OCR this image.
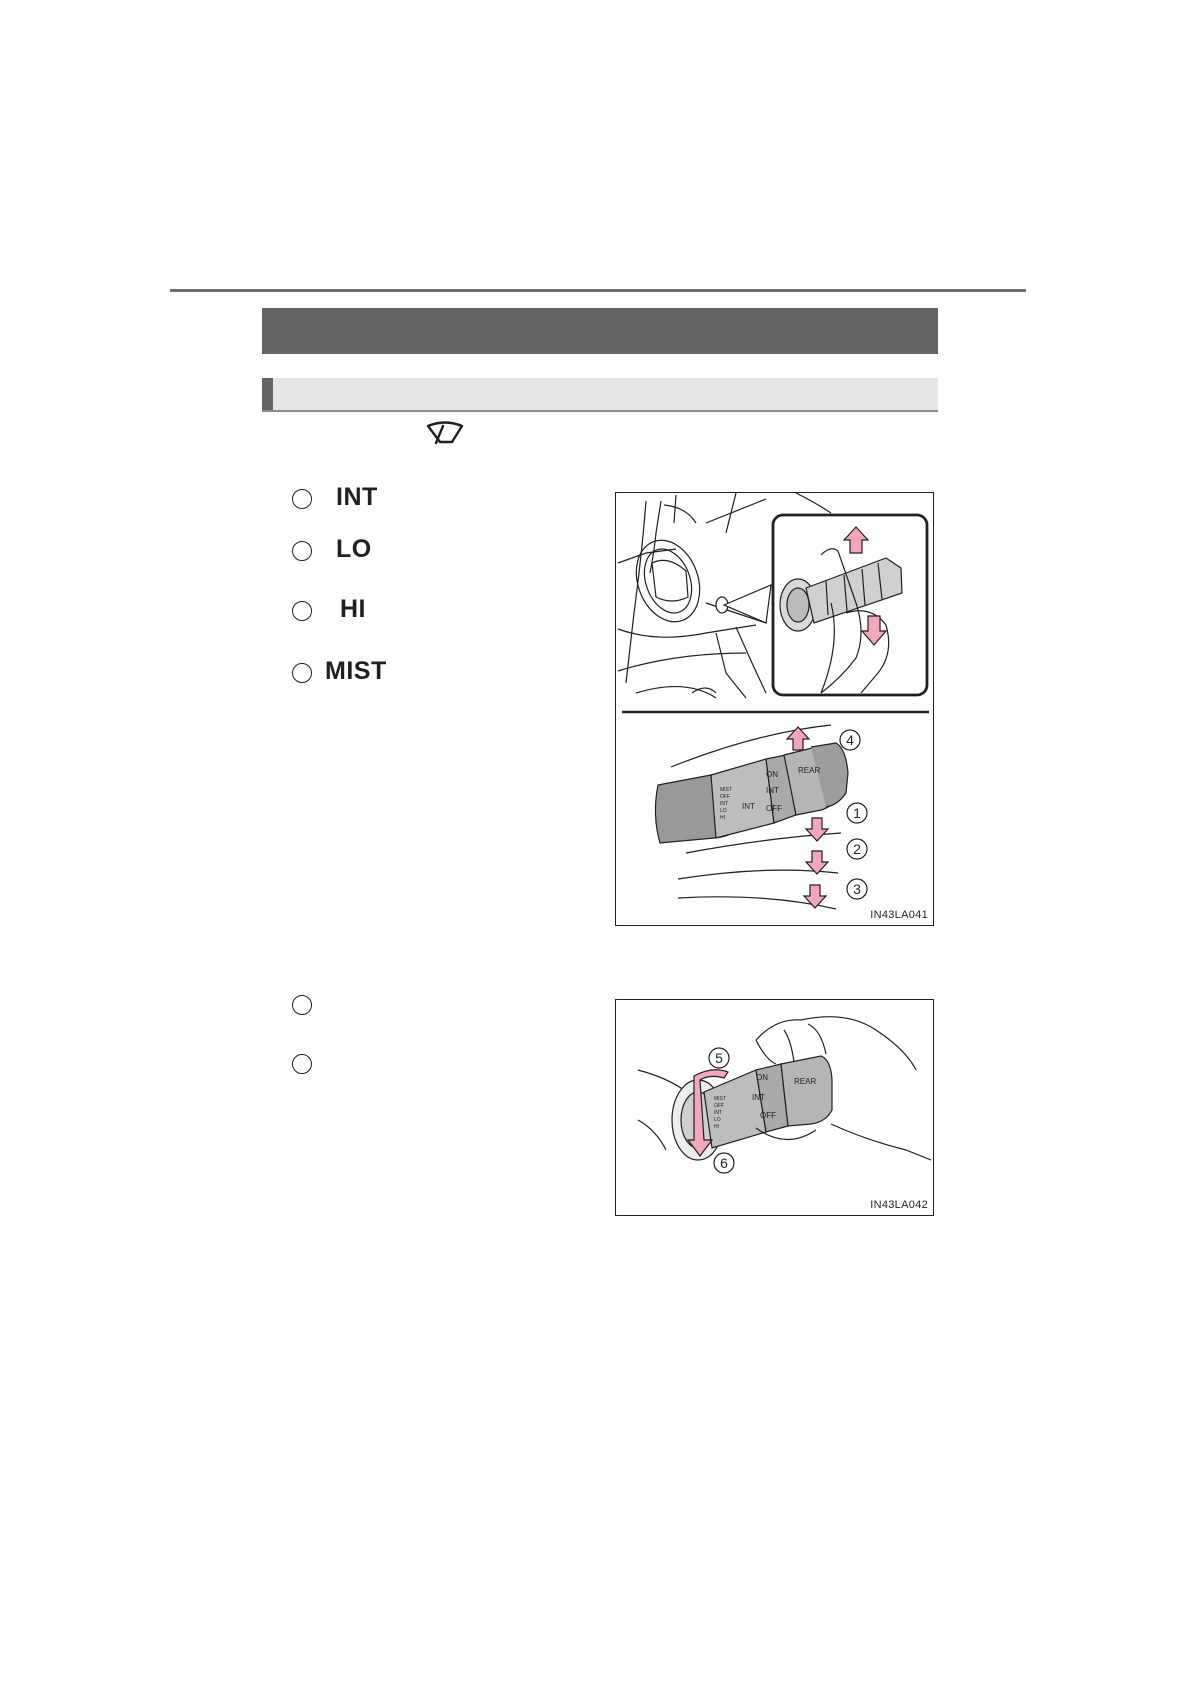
INT
LO
HI
MIST
ON
INT
OFF
REAR
INT
MIST
OFF
INT
LO
HI
4
1
2
3
IN43LA041
ON
INT
OFF
REAR
MIST
OFF
INT
LO
HI
5
6
IN43LA042
